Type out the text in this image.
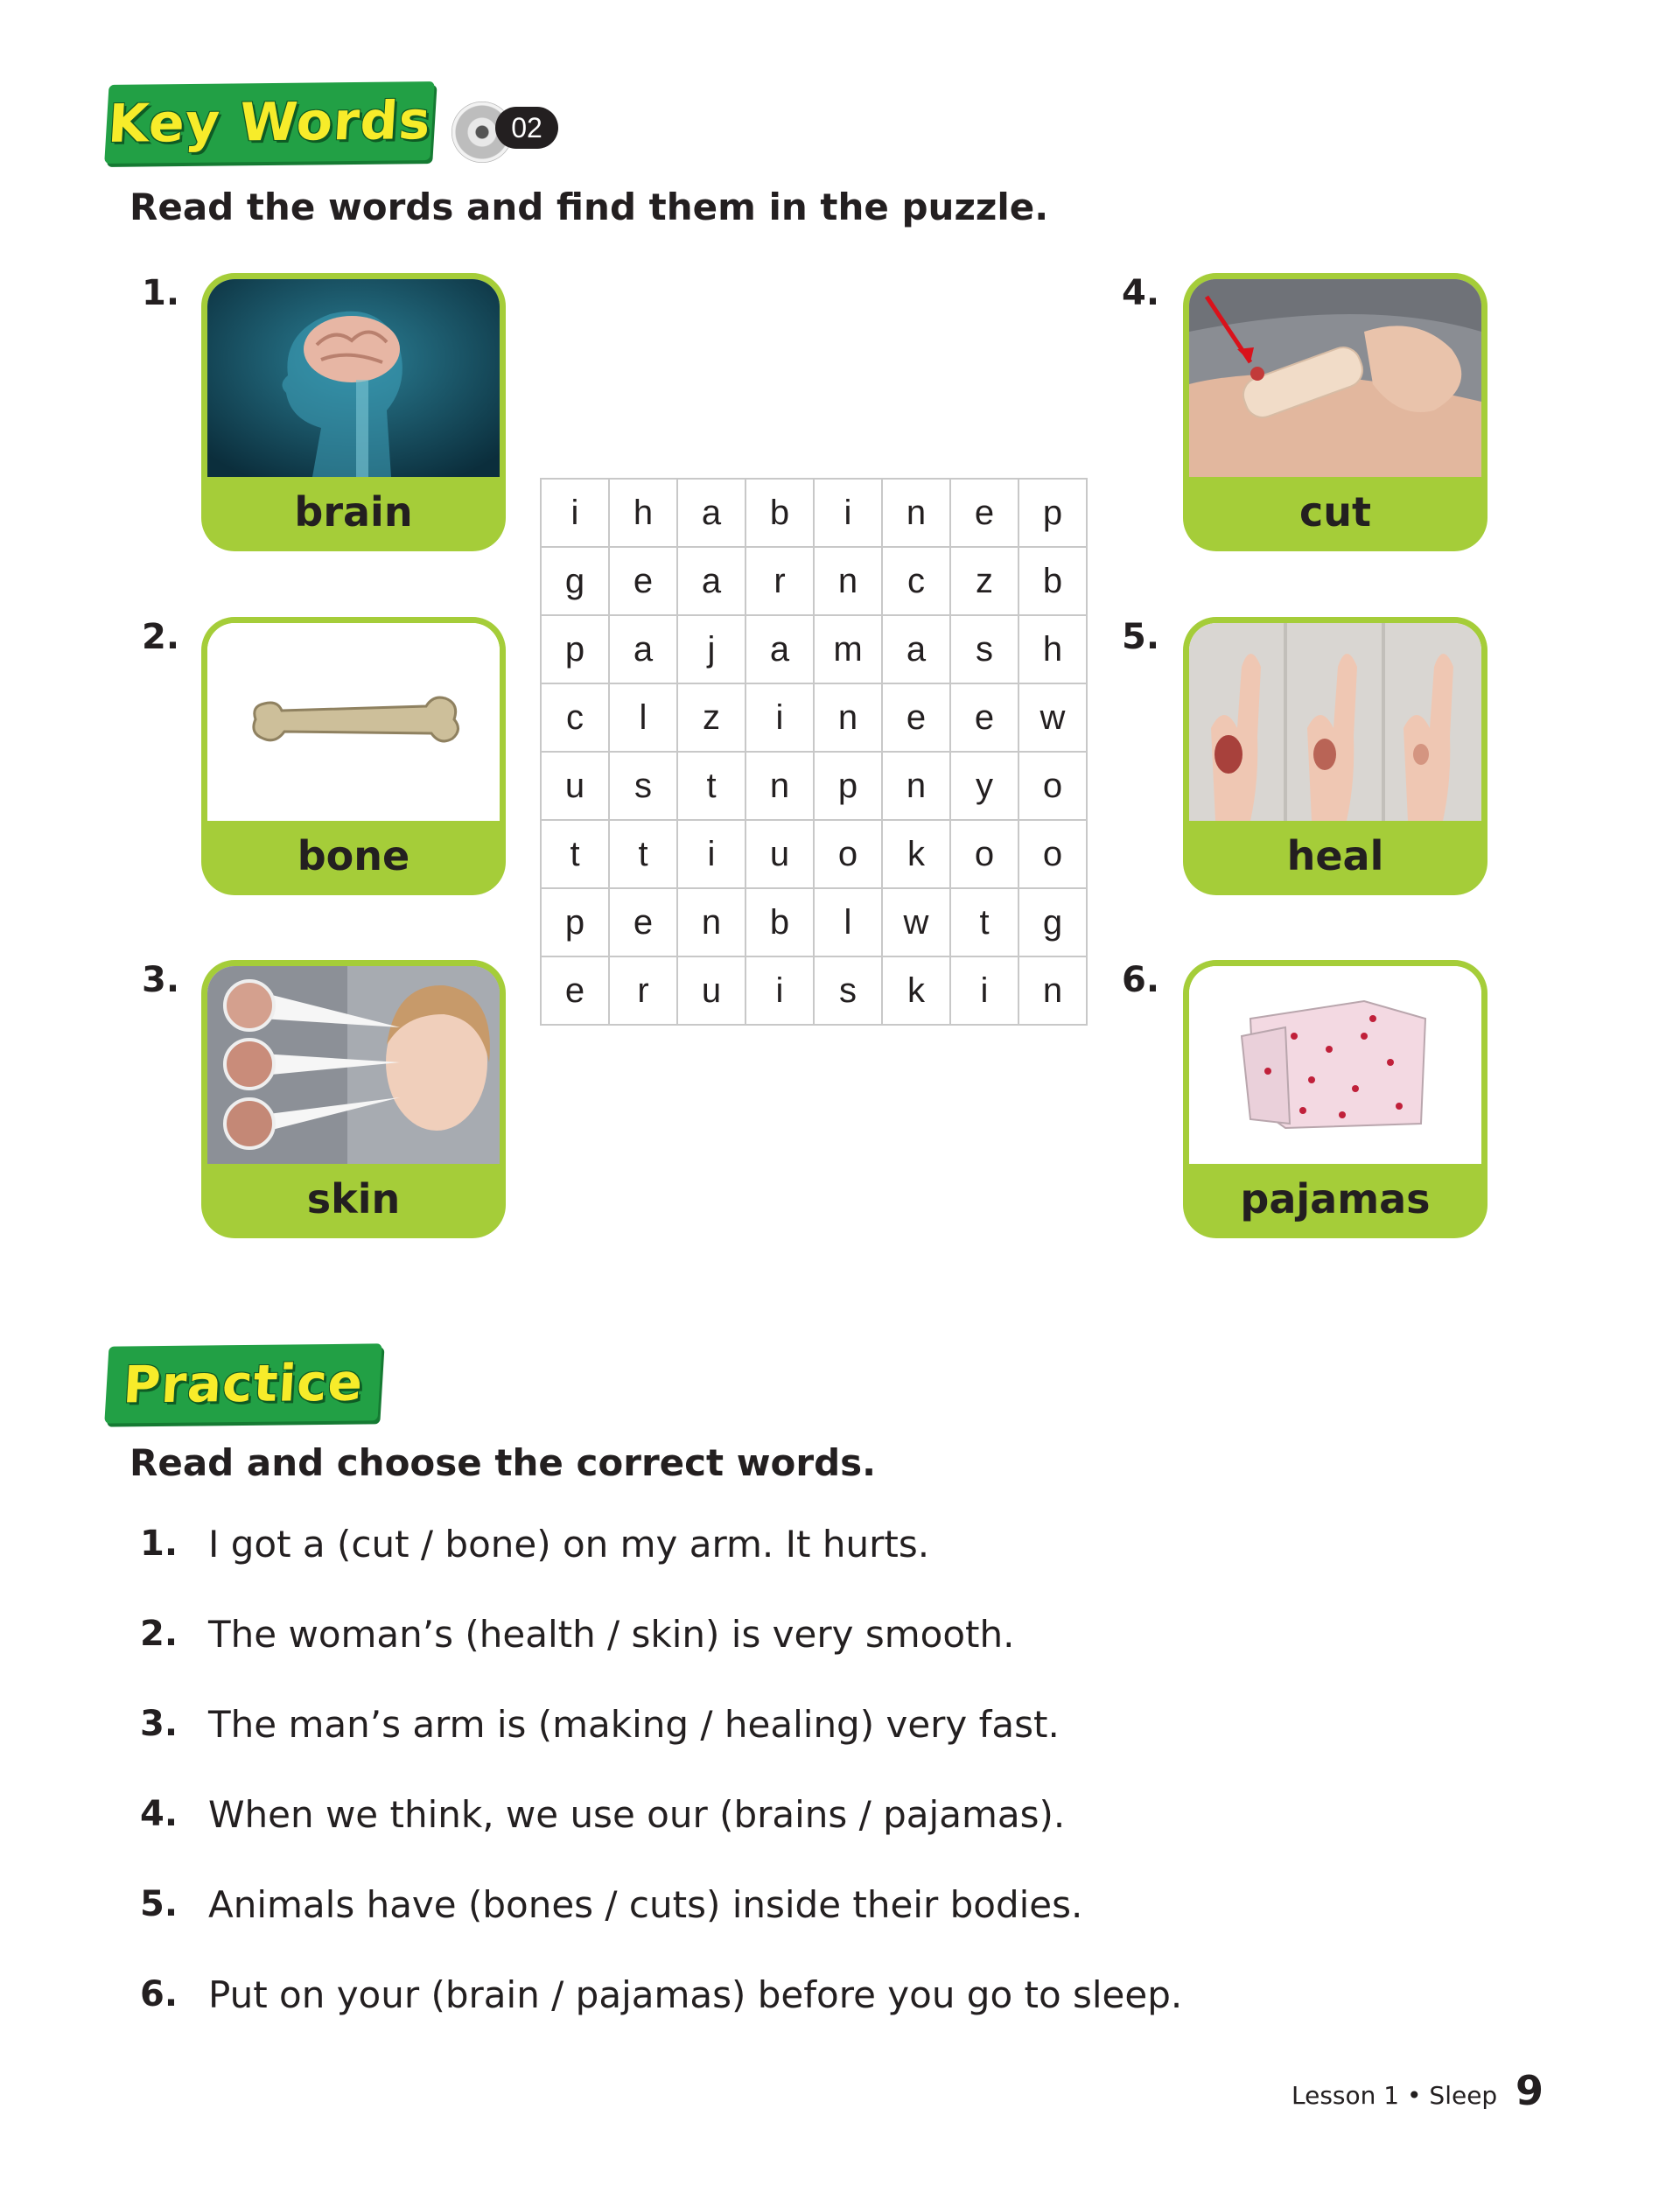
Key Words	02
Read the words and find them in the puzzle.
1.
2.
3.
4.
5.
6.
brain
bone
skin
cut
heal
pajamas
i	h	a	b	i	n	e	p
g	e	a	r	n	c	z	b
p	a	j	a	m	a	s	h
c	l	z	i	n	e	e	w
u	s	t	n	p	n	y	o
t	t	i	u	o	k	o	o
p	e	n	b	l	w	t	g
e	r	u	i	s	k	i	n
Practice
Read and choose the correct words.
1. I got a (cut / bone) on my arm. It hurts.
2. The woman’s (health / skin) is very smooth.
3. The man’s arm is (making / healing) very fast.
4. When we think, we use our (brains / pajamas).
5. Animals have (bones / cuts) inside their bodies.
6. Put on your (brain / pajamas) before you go to sleep.
Lesson 1 • Sleep 9
